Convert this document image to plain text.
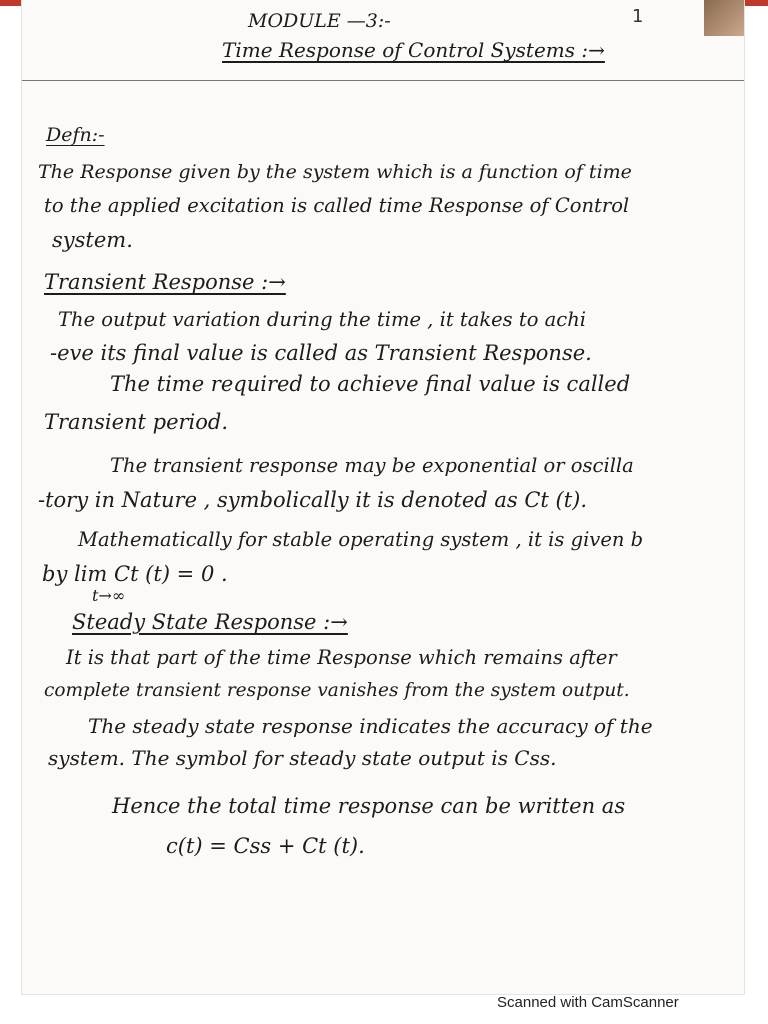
1
MODULE —3:-
Time Response of Control Systems :→
Defn:-
The Response given by the system which is a function of time
to the applied excitation is called time Response of Control
system.
Transient Response :→
The output variation during the time , it takes to achi
-eve its final value is called as Transient Response.
The time required to achieve final value is called
Transient period.
The transient response may be exponential or oscilla
-tory in Nature , symbolically it is denoted as Ct (t).
Mathematically for stable operating system , it is given b
by lim Ct (t) = 0 .
t→∞
Steady State Response :→
It is that part of the time Response which remains after
complete transient response vanishes from the system output.
The steady state response indicates the accuracy of the
system. The symbol for steady state output is Css.
Hence the total time response can be written as
c(t) = Css + Ct (t).
Scanned with CamScanner
